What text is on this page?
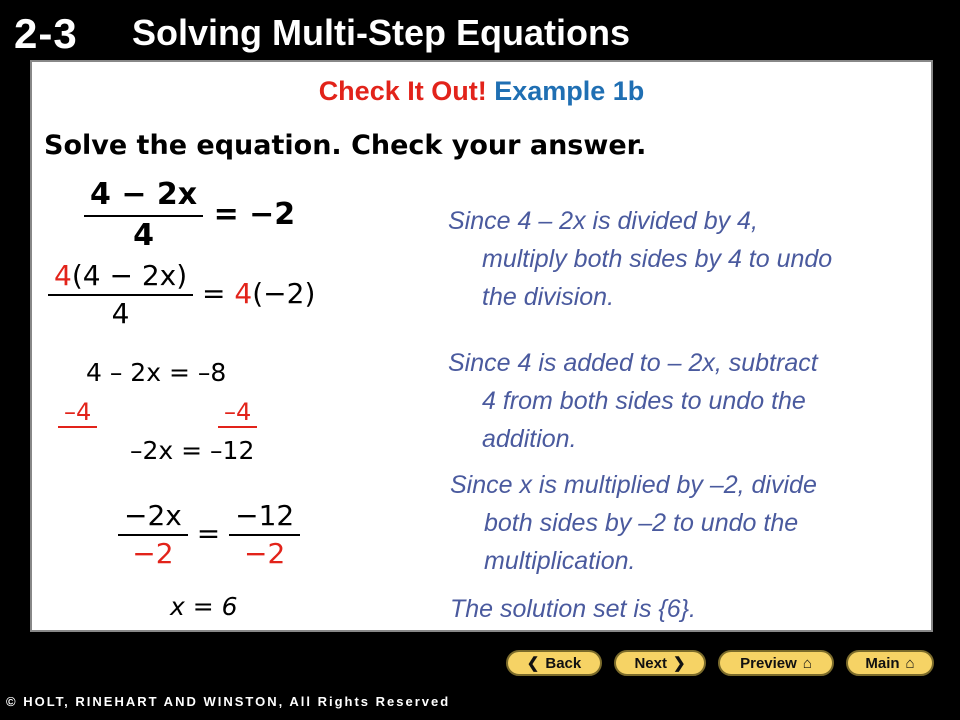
2-3 Solving Multi-Step Equations
Check It Out! Example 1b
Solve the equation. Check your answer.
$\frac{4 - 2x}{4} = -2$
$\frac{4(4 - 2x)}{4} = 4(-2)$
4 – 2x = –8
–4	–4
–2x = –12
$\frac{-2x}{-2} = \frac{-12}{-2}$
x = 6
Since 4 – 2x is divided by 4,
multiply both sides by 4 to undo
the division.
Since 4 is added to – 2x, subtract
4 from both sides to undo the
addition.
Since x is multiplied by –2, divide
both sides by –2 to undo the
multiplication.
The solution set is {6}.
❮ Back	Next ❯	Preview ⌂	Main ⌂
© HOLT, RINEHART AND WINSTON, All Rights Reserved
